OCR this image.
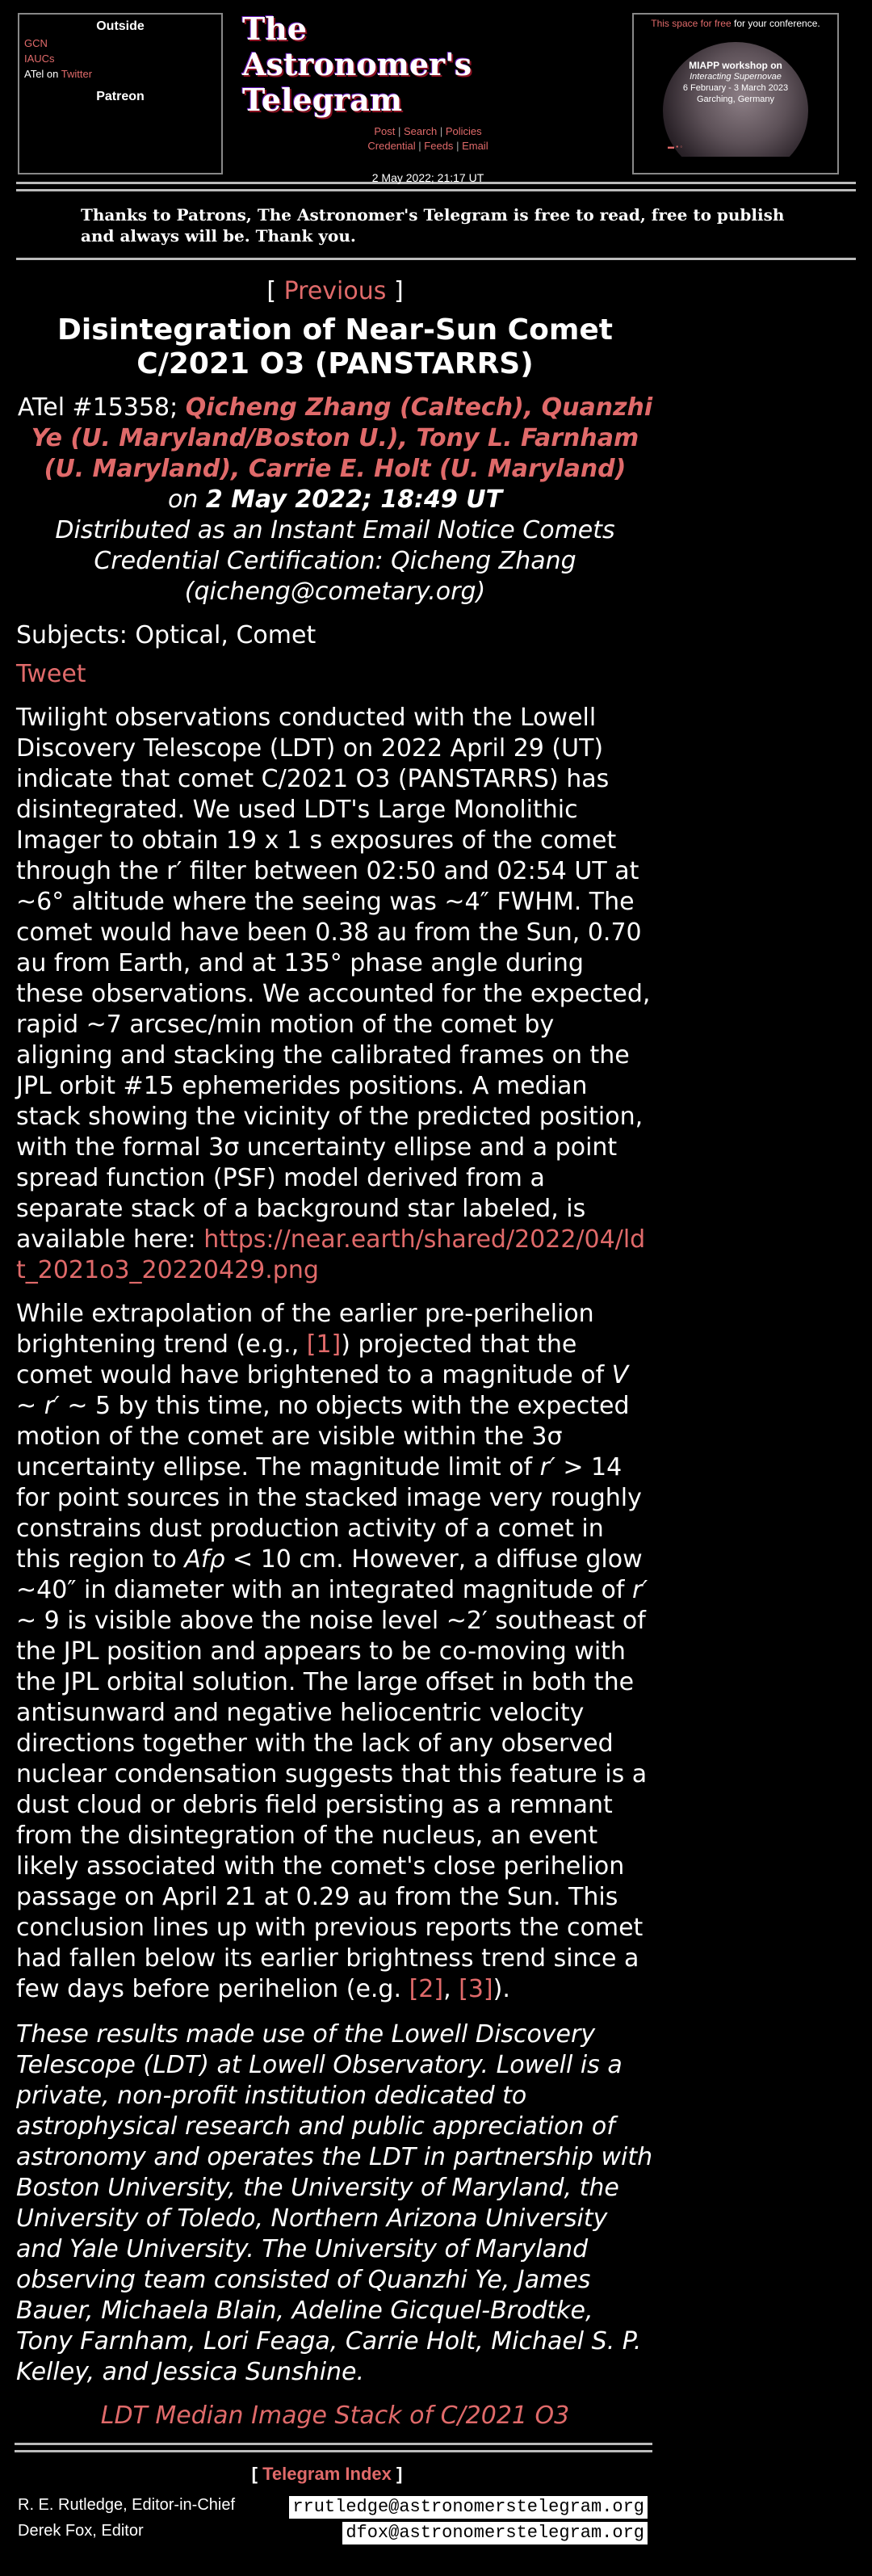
Outside
GCN
IAUCs
ATel on Twitter
Patreon
The
Astronomer's Telegram
Post | Search | Policies
Credential | Feeds | Email
2 May 2022; 21:17 UT
This space for free for your conference.
MIAPP workshop on
Interacting Supernovae
6 February - 3 March 2023
Garching, Germany
▬ ▪ ◦
Thanks to Patrons, The Astronomer's Telegram is free to read, free to publish and always will be. Thank you.
[ Previous ]
Disintegration of Near-Sun Comet C/2021 O3 (PANSTARRS)
ATel #15358; Qicheng Zhang (Caltech), Quanzhi Ye (U. Maryland/Boston U.), Tony L. Farnham (U. Maryland), Carrie E. Holt (U. Maryland)
on 2 May 2022; 18:49 UT
Distributed as an Instant Email Notice Comets
Credential Certification: Qicheng Zhang (qicheng@cometary.org)
Subjects: Optical, Comet
Tweet
Twilight observations conducted with the Lowell Discovery Telescope (LDT) on 2022 April 29 (UT) indicate that comet C/2021 O3 (PANSTARRS) has disintegrated. We used LDT's Large Monolithic Imager to obtain 19 x 1 s exposures of the comet through the r′ filter between 02:50 and 02:54 UT at ~6° altitude where the seeing was ~4″ FWHM. The comet would have been 0.38 au from the Sun, 0.70 au from Earth, and at 135° phase angle during these observations. We accounted for the expected, rapid ~7 arcsec/min motion of the comet by aligning and stacking the calibrated frames on the JPL orbit #15 ephemerides positions. A median stack showing the vicinity of the predicted position, with the formal 3σ uncertainty ellipse and a point spread function (PSF) model derived from a separate stack of a background star labeled, is available here: https://near.earth/shared/2022/04/ldt_2021o3_20220429.png
While extrapolation of the earlier pre-perihelion brightening trend (e.g., [1]) projected that the comet would have brightened to a magnitude of V ~ r′ ~ 5 by this time, no objects with the expected motion of the comet are visible within the 3σ uncertainty ellipse. The magnitude limit of r′ > 14 for point sources in the stacked image very roughly constrains dust production activity of a comet in this region to Afρ < 10 cm. However, a diffuse glow ~40″ in diameter with an integrated magnitude of r′ ~ 9 is visible above the noise level ~2′ southeast of the JPL position and appears to be co-moving with the JPL orbital solution. The large offset in both the antisunward and negative heliocentric velocity directions together with the lack of any observed nuclear condensation suggests that this feature is a dust cloud or debris field persisting as a remnant from the disintegration of the nucleus, an event likely associated with the comet's close perihelion passage on April 21 at 0.29 au from the Sun. This conclusion lines up with previous reports the comet had fallen below its earlier brightness trend since a few days before perihelion (e.g. [2], [3]).
These results made use of the Lowell Discovery Telescope (LDT) at Lowell Observatory. Lowell is a private, non-profit institution dedicated to astrophysical research and public appreciation of astronomy and operates the LDT in partnership with Boston University, the University of Maryland, the University of Toledo, Northern Arizona University and Yale University. The University of Maryland observing team consisted of Quanzhi Ye, James Bauer, Michaela Blain, Adeline Gicquel-Brodtke, Tony Farnham, Lori Feaga, Carrie Holt, Michael S. P. Kelley, and Jessica Sunshine.
LDT Median Image Stack of C/2021 O3
[ Telegram Index ]
R. E. Rutledge, Editor-in-Chief	rrutledge@astronomerstelegram.org
Derek Fox, Editor	dfox@astronomerstelegram.org
